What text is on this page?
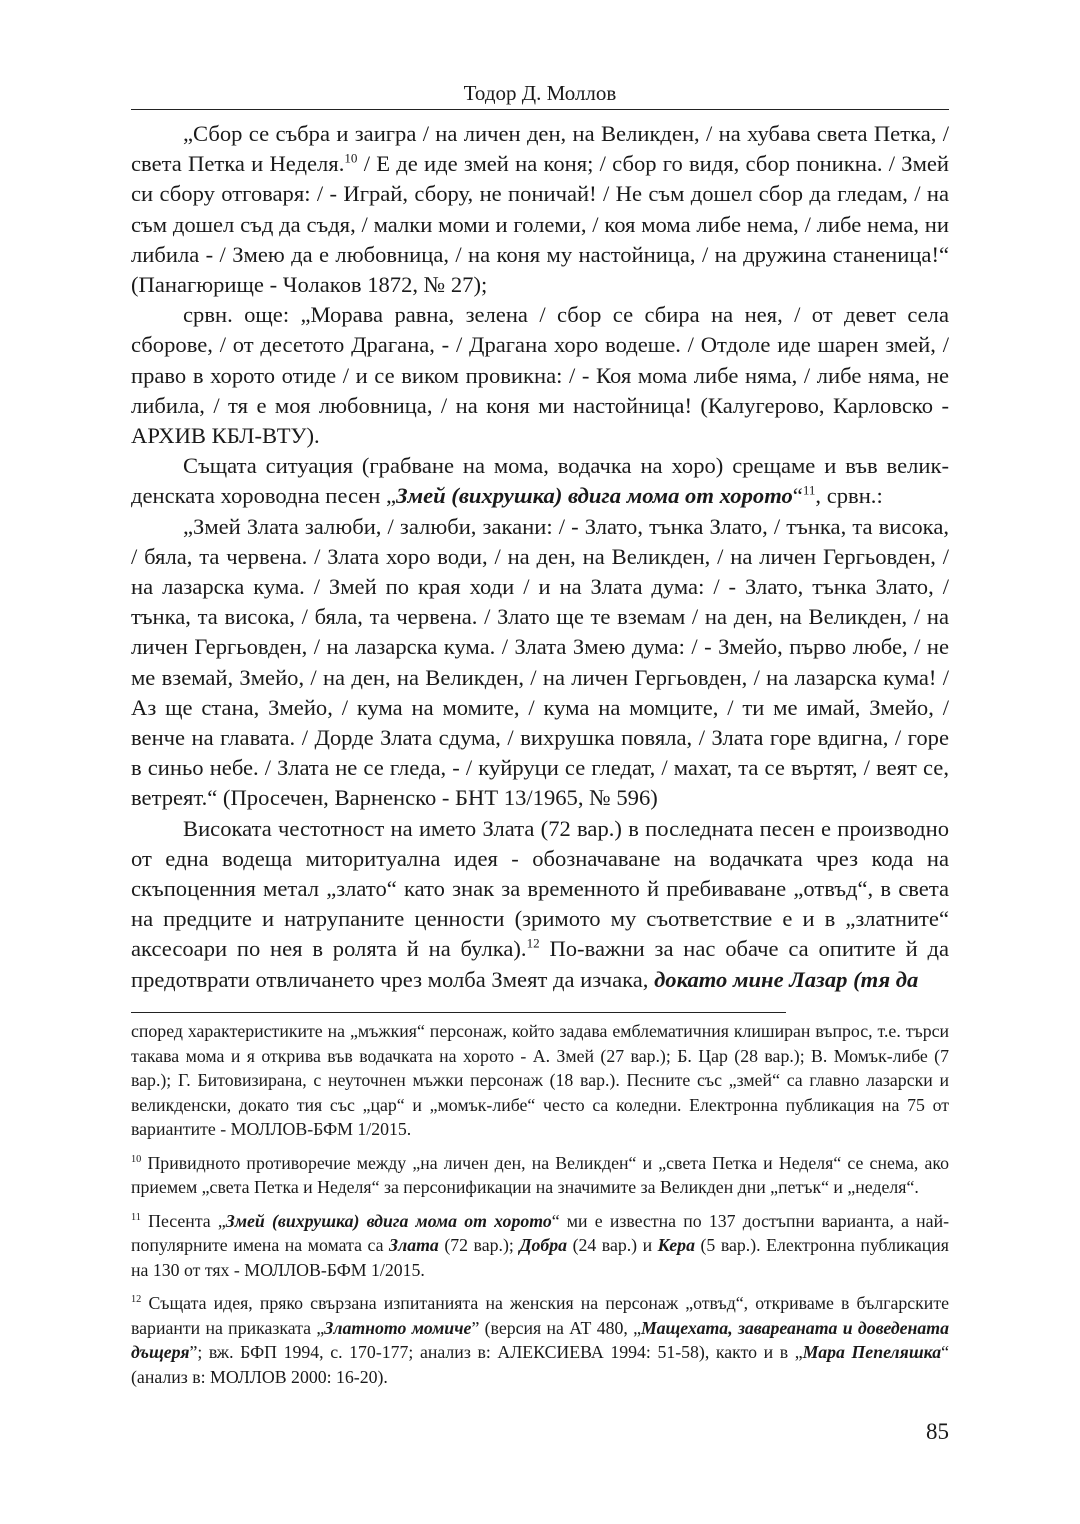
Тодор Д. Моллов

„Сбор се събра и заигра / на личен ден, на Великден, / на хубава света Петка, / света Петка и Неделя.$^{10}$ / Е де иде змей на коня; / сбор го видя, сбор поникна. / Змей си сбору отговаря: / - Играй, сбору, не поничай! / Не съм дошел сбор да гледам, / на съм дошел съд да съдя, / малки моми и големи, / коя мома либе нема, / либе нема, ни либила - / Змею да е любовница, / на коня му настойница, / на дружина станеница!“ (Панагюрище - Чолаков 1872, № 27);

срвн. още: „Морава равна, зелена / сбор се сбира на нея, / от девет села сборове, / от десетото Драгана, - / Драгана хоро водеше. / Отдоле иде шарен змей, / право в хорото отиде / и се виком провикна: / - Коя мома либе няма, / либе няма, не либила, / тя е моя любовница, / на коня ми настойница! (Калугерово, Карловско - АРХИВ КБЛ-ВТУ).

Същата ситуация (грабване на мома, водачка на хоро) срещаме и във великденската хороводна песен „Змей (вихрушка) вдига мома от хорото“$^{11}$, срвн.:

„Змей Злата залюби, / залюби, закани: / - Злато, тънка Злато, / тънка, та висока, / бяла, та червена. / Злата хоро води, / на ден, на Великден, / на личен Гергьовден, / на лазарска кума. / Змей по края ходи / и на Злата дума: / - Злато, тънка Злато, / тънка, та висока, / бяла, та червена. / Злато ще те вземам / на ден, на Великден, / на личен Гергьовден, / на лазарска кума. / Злата Змею дума: / - Змейо, първо любе, / не ме вземай, Змейо, / на ден, на Великден, / на личен Гергьовден, / на лазарска кума! / Аз ще стана, Змейо, / кума на момите, / кума на момците, / ти ме имай, Змейо, / венче на главата. / Дорде Злата сдума, / вихрушка повяла, / Злата горе вдигна, / горе в синьо небе. / Злата не се гледа, - / куйруци се гледат, / махат, та се въртят, / веят се, ветреят.“ (Просечен, Варненско - БНТ 13/1965, № 596)

Високата честотност на името Злата (72 вар.) в последната песен е производно от една водеща миторитуална идея - обозначаване на водачката чрез кода на скъпоценния метал „злато“ като знак за временното й пребиваване „отвъд“, в света на предците и натрупаните ценности (зримото му съответствие е и в „златните“ аксесоари по нея в ролята й на булка).$^{12}$ По-важни за нас обаче са опитите й да предотврати отвличането чрез молба Змеят да изчака, докато мине Лазар (тя да

според характеристиките на „мъжкия“ персонаж, който задава емблематичния клиширан въпрос, т.е. търси такава мома и я открива във водачката на хорото - А. Змей (27 вар.); Б. Цар (28 вар.); В. Момък-либе (7 вар.); Г. Битовизирана, с неуточнен мъжки персонаж (18 вар.). Песните със „змей“ са главно лазарски и великденски, докато тия със „цар“ и „момък-либе“ често са коледни. Електронна публикация на 75 от вариантите - МОЛЛОВ-БФМ 1/2015.

$^{10}$ Привидното противоречие между „на личен ден, на Великден“ и „света Петка и Неделя“ се снема, ако приемем „света Петка и Неделя“ за персонификации на значимите за Великден дни „петък“ и „неделя“.

$^{11}$ Песента „Змей (вихрушка) вдига мома от хорото“ ми е известна по 137 достъпни варианта, а най-популярните имена на момата са Злата (72 вар.); Добра (24 вар.) и Кера (5 вар.). Електронна публикация на 130 от тях - МОЛЛОВ-БФМ 1/2015.

$^{12}$ Същата идея, пряко свързана изпитанията на женския на персонаж „отвъд“, откриваме в българските варианти на приказката „Златното момиче” (версия на АТ 480, „Мащехата, завареаната и доведената дъщеря”; вж. БФП 1994, с. 170-177; анализ в: АЛЕКСИЕВА 1994: 51-58), както и в „Мара Пепеляшка“ (анализ в: МОЛЛОВ 2000: 16-20).

85
